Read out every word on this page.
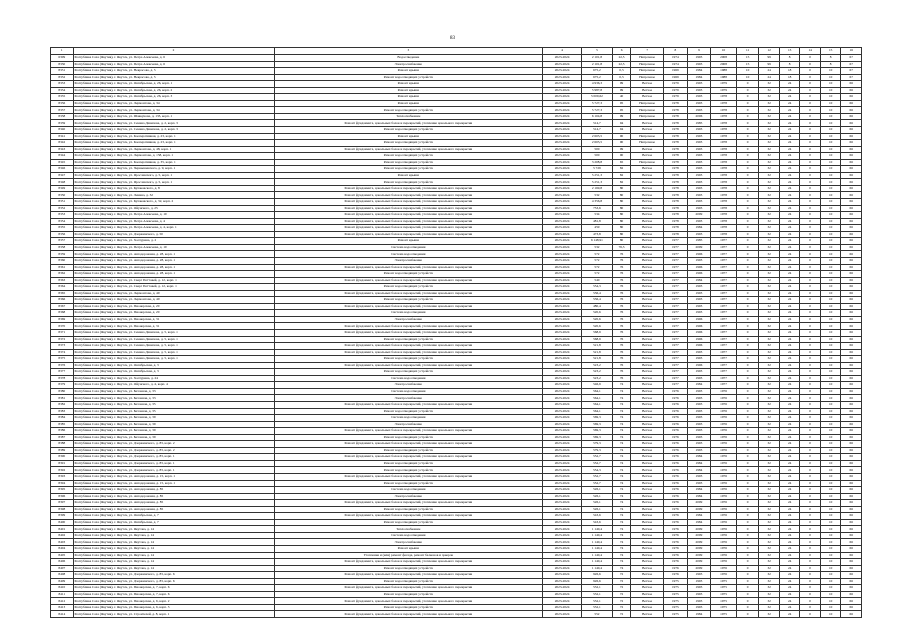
83
1	2	3	4	5	6	7	8	9	10	11	12	13	14	15	16
6309	Республика Саха (Якутия), г. Якутск, ул. Петра Алексеева, д. 6	Водоотведение	2023-2024	2 101,8	22,5	Непрочное	1974	1993	2008	15	99	8	0	8	67
8330	Республика Саха (Якутия), г. Якутск, ул. Петра Алексеева, д. 6	Электроснабжение	2023-2024	2 101,8	22,5	Непрочное	1974	1993	2008	15	99	8	0	8	67
8331	Республика Саха (Якутия), г. Якутск, ул. Некрасова, д. 5	Ремонт крыши	2023-2024	675,2	0,5	Непрочное	1969	1984	1988	10	24	18	0	10	67
8332	Республика Саха (Якутия), г. Якутск, ул. Некрасова, д. 5	Ремонт водоотводящих устройств	2023-2024	675,2	0,5	Непрочное	1969	1984	1988	10	24	18	0	10	67
8333	Республика Саха (Якутия), г. Якутск, ул. Октябрьская, д. 26, корп. 1	Ремонт крыши	2023-2024	4 936,3	99	Ветхое	1979	1993	1979	0	32	24	0	10	66
8334	Республика Саха (Якутия), г. Якутск, ул. Октябрьская, д. 26, корп. 2	Ремонт крыши	2023-2024	5 987,8	99	Ветхое	1979	1993	1979	0	32	24	0	10	66
8335	Республика Саха (Якутия), г. Якутск, ул. Октябрьская, д. 26, корп. 3	Ремонт крыши	2023-2024	5 009,62	40	Ветхое	1979	1993	1978	0	32	24	0	10	66
8336	Республика Саха (Якутия), г. Якутск, ул. Лермонтова, д. 34	Ремонт крыши	2023-2024	5 727,3	95	Непрочное	1978	1993	1978	0	32	24	0	10	66
8337	Республика Саха (Якутия), г. Якутск, ул. Лермонтова, д. 34	Ремонт водоотводящих устройств	2023-2024	5 727,3	95	Непрочное	1978	1993	1978	0	32	24	0	10	66
8338	Республика Саха (Якутия), г. Якутск, ул. Шавкунова, д. 133, корп. 1	Теплоснабжение	2023-2024	6 104,8	99	Непрочное	1978	2006	1978	0	32	24	0	10	66
8339	Республика Саха (Якутия), г. Якутск, ул. Семена Данилова, д. 2, корп. 3	Ремонт фундамента, цокольных балок и перекрытий, утепление цокольного перекрытия	2023-2024	514,7	94	Ветхое	1978	1985	1978	0	32	24	0	10	66
8340	Республика Саха (Якутия), г. Якутск, ул. Семена Данилова, д. 2, корп. 3	Ремонт водоотводящих устройств	2023-2024	514,7	94	Ветхое	1978	1993	1978	0	32	24	0	10	66
8341	Республика Саха (Якутия), г. Якутск, ул. Кооперативная, д. 23, корп. 1	Ремонт крыши	2023-2024	2 603,5	90	Непрочное	1978	1993	1978	0	32	24	0	10	66
8342	Республика Саха (Якутия), г. Якутск, ул. Кооперативная, д. 23, корп. 1	Ремонт водоотводящих устройств	2023-2024	2 603,5	90	Непрочное	1978	1993	1978	0	32	24	0	10	66
8343	Республика Саха (Якутия), г. Якутск, ул. Лермонтова, д. 48, корп. 1	Ремонт фундамента, цокольных балок и перекрытий, утепление цокольного перекрытия	2023-2024	500	99	Ветхое	1978	1993	1978	0	32	24	0	10	66
8344	Республика Саха (Якутия), г. Якутск, ул. Лермонтова, д. 158, корп. 1	Ремонт водоотводящих устройств	2023-2024	500	90	Ветхое	1978	1993	1978	0	32	24	0	10	66
8345	Республика Саха (Якутия), г. Якутск, ул. Кооперативная, д. 35, корп. 1	Ремонт водоотводящих устройств	2023-2024	3 208,8	65	Непрочное	1978	1993	1978	0	32	24	0	10	66
8346	Республика Саха (Якутия), г. Якутск, ул. Чернышевского, д. 9, корп. 1	Ремонт водоотводящих устройств	2023-2024	5 729	82	Ветхое	1978	1993	1978	0	32	24	0	10	66
8347	Республика Саха (Якутия), г. Якутск, ул. Ярославского, д. 5, корп. 1	Ремонт крыши	2023-2024	5 251,3	82	Ветхое	1978	1993	1978	0	32	24	0	10	66
8348	Республика Саха (Якутия), г. Якутск, ул. Ярославского, д. 5, корп. 1	Ремонт водоотводящих устройств	2023-2024	5 251,3	82	Ветхое	1978	1993	1978	0	32	24	0	10	66
8349	Республика Саха (Якутия), г. Якутск, ул. Кулаковского, д. 8	Ремонт фундамента, цокольных балок и перекрытий, утепление цокольного перекрытия	2023-2024	2 169,8	80	Ветхое	1978	1993	1978	0	32	24	0	10	66
8350	Республика Саха (Якутия), г. Якутск, ул. Ленина, д. 32	Ремонт фундамента, цокольных балок и перекрытий, утепление цокольного перекрытия	2023-2024	532	80	Ветхое	1978	1993	1978	0	32	24	0	10	66
8351	Республика Саха (Якутия), г. Якутск, ул. Кулаковского, д. 32, корп. 2	Ремонт фундамента, цокольных балок и перекрытий, утепление цокольного перекрытия	2023-2024	4 356,8	80	Ветхое	1978	1993	1978	0	32	24	0	10	66
8352	Республика Саха (Якутия), г. Якутск, ул. Ойунского, д. 25	Ремонт фундамента, цокольных балок и перекрытий, утепление цокольного перекрытия	2023-2024	753,6	80	Ветхое	1978	1993	1978	0	32	24	0	10	66
8353	Республика Саха (Якутия), г. Якутск, ул. Петра Алексеева, д. 10	Ремонт фундамента, цокольных балок и перекрытий, утепление цокольного перекрытия	2023-2024	534	80	Ветхое	1978	2009	1978	0	32	24	0	10	66
8354	Республика Саха (Якутия), г. Якутск, ул. Петра Алексеева, д. 4	Ремонт фундамента, цокольных балок и перекрытий, утепление цокольного перекрытия	2023-2024	481,8	80	Ветхое	1978	1993	1978	0	32	24	0	10	66
8355	Республика Саха (Якутия), г. Якутск, ул. Петра Алексеева, д. 4, корп. 1	Ремонт фундамента, цокольных балок и перекрытий, утепление цокольного перекрытия	2023-2024	459	80	Ветхое	1978	1984	1978	0	32	24	0	10	66
8356	Республика Саха (Якутия), г. Якутск, ул. Дзержинского, д. 50	Ремонт фундамента, цокольных балок и перекрытий, утепление цокольного перекрытия	2023-2024	473,8	80	Ветхое	1978	1993	1978	0	32	24	0	10	66
8357	Республика Саха (Якутия), г. Якутск, ул. Халтурина, д. 2	Ремонт крыши	2023-2024	6 148,91	80	Ветхое	1977	1985	1977	0	32	24	0	10	66
8358	Республика Саха (Якутия), г. Якутск, ул. Петра Алексеева, д. 10	Система водоотведения	2023-2024	532	76,3	Ветхое	1977	2009	1977	0	32	24	0	10	66
8359	Республика Саха (Якутия), г. Якутск, ул. Автодорожная, д. 28, корп. 1	Система водоотведения	2023-2024	572	76	Ветхое	1977	1996	1977	0	32	24	0	10	66
8360	Республика Саха (Якутия), г. Якутск, ул. Автодорожная, д. 28, корп. 1	Электроснабжение	2023-2024	572	76	Ветхое	1977	1993	1977	0	32	24	0	10	66
8361	Республика Саха (Якутия), г. Якутск, ул. Автодорожная, д. 28, корп. 1	Ремонт фундамента, цокольных балок и перекрытий, утепление цокольного перекрытия	2023-2024	572	76	Ветхое	1977	1996	1977	0	32	24	0	10	66
8362	Республика Саха (Якутия), г. Якутск, ул. Автодорожная, д. 28, корп. 1	Ремонт водоотводящих устройств	2023-2024	572	76	Ветхое	1977	1996	1977	0	32	24	0	10	66
8363	Республика Саха (Якутия), г. Якутск, ул. Сверг Петтовей, д. 12, корп. 1	Ремонт фундамента, цокольных балок и перекрытий, утепление цокольного перекрытия	2023-2024	540	76	Ветхое	1977	1984	1977	0	32	24	0	10	66
8364	Республика Саха (Якутия), г. Якутск, ул. Сверг Петтовей, д. 12, корп. 1	Ремонт водоотводящих устройств	2023-2024	554,3	76	Ветхое	1977	1993	1977	0	32	24	0	10	66
8365	Республика Саха (Якутия), г. Якутск, ул. Лермонтова, д. 40	Ремонт фундамента, цокольных балок и перекрытий, утепление цокольного перекрытия	2023-2024	536,4	76	Ветхое	1977	1993	1977	0	32	24	0	10	66
8366	Республика Саха (Якутия), г. Якутск, ул. Лермонтова, д. 40	Ремонт водоотводящих устройств	2023-2024	536,4	76	Ветхое	1977	1993	1977	0	32	24	0	10	66
8367	Республика Саха (Якутия), г. Якутск, ул. Пионерская, д. 20	Ремонт фундамента, цокольных балок и перекрытий, утепление цокольного перекрытия	2023-2024	480,4	76	Ветхое	1977	1993	1977	0	32	24	0	10	66
8368	Республика Саха (Якутия), г. Якутск, ул. Пионерская, д. 20	Система водоотведения	2023-2024	520,6	76	Ветхое	1977	1993	1977	0	32	24	0	10	66
8369	Республика Саха (Якутия), г. Якутск, ул. Пионерская, д. 31	Электроснабжение	2023-2024	520,6	76	Ветхое	1977	1996	1977	0	32	24	0	10	66
8370	Республика Саха (Якутия), г. Якутск, ул. Пионерская, д. 31	Ремонт фундамента, цокольных балок и перекрытий, утепление цокольного перекрытия	2023-2024	520,6	76	Ветхое	1977	1996	1977	0	32	24	0	10	66
8371	Республика Саха (Якутия), г. Якутск, ул. Семена Данилова, д. 5, корп. 1	Ремонт фундамента, цокольных балок и перекрытий, утепление цокольного перекрытия	2023-2024	568,9	76	Ветхое	1977	1996	1977	0	32	24	0	10	66
8372	Республика Саха (Якутия), г. Якутск, ул. Семена Данилова, д. 5, корп. 1	Ремонт водоотводящих устройств	2023-2024	568,9	76	Ветхое	1977	1996	1977	0	32	24	0	10	66
8373	Республика Саха (Якутия), г. Якутск, ул. Семена Данилова, д. 5, корп. 1	Ремонт фундамента, цокольных балок и перекрытий, утепление цокольного перекрытия	2023-2024	521,8	76	Ветхое	1977	1996	1977	0	32	24	0	10	66
8374	Республика Саха (Якутия), г. Якутск, ул. Семена Данилова, д. 5, корп. 1	Ремонт фундамента, цокольных балок и перекрытий, утепление цокольного перекрытия	2023-2024	521,8	76	Ветхое	1977	1993	1977	0	32	24	0	10	66
8375	Республика Саха (Якутия), г. Якутск, ул. Семена Данилова, д. 5, корп. 1	Ремонт водоотводящих устройств	2023-2024	521,8	76	Ветхое	1977	1993	1977	0	32	24	0	10	66
8376	Республика Саха (Якутия), г. Якутск, ул. Октябрьская, д. 3	Ремонт фундамента, цокольных балок и перекрытий, утепление цокольного перекрытия	2023-2024	523,2	76	Ветхое	1977	1996	1977	0	32	24	0	10	66
8377	Республика Саха (Якутия), г. Якутск, ул. Октябрьская, д. 3	Ремонт водоотводящих устройств	2023-2024	523,2	76	Ветхое	1977	1993	1977	0	32	24	0	10	66
8378	Республика Саха (Якутия), г. Якутск, ул. Халтурина, д. 24	Система водоотведения	2023-2024	523,2	76	Ветхое	1977	1993	1977	0	32	24	0	10	66
8379	Республика Саха (Якутия), г. Якутск, ул. Ойунского, д. 4, корп. 4	Электроснабжение	2023-2024	546,9	74	Ветхое	1977	1984	1977	0	32	24	0	10	66
8380	Республика Саха (Якутия), г. Якутск, ул. Бетонная, д. 33	Система водоотведения	2023-2024	564,1	74	Ветхое	1976	1993	1976	0	32	24	0	10	66
8381	Республика Саха (Якутия), г. Якутск, ул. Бетонная, д. 33	Электроснабжение	2023-2024	564,1	74	Ветхое	1976	1993	1976	0	32	24	0	10	66
8382	Республика Саха (Якутия), г. Якутск, ул. Бетонная, д. 35	Ремонт фундамента, цокольных балок и перекрытий, утепление цокольного перекрытия	2023-2024	564,1	74	Ветхое	1976	1993	1976	0	32	24	0	10	66
8383	Республика Саха (Якутия), г. Якутск, ул. Бетонная, д. 35	Ремонт водоотводящих устройств	2023-2024	564,1	74	Ветхое	1976	1993	1976	0	32	24	0	10	66
8384	Республика Саха (Якутия), г. Якутск, ул. Бетонная, д. 39	Система водоотведения	2023-2024	569,3	74	Ветхое	1976	1993	1976	0	32	24	0	10	66
8385	Республика Саха (Якутия), г. Якутск, ул. Бетонная, д. 39	Электроснабжение	2023-2024	569,3	74	Ветхое	1976	1993	1976	0	32	24	0	10	66
8386	Республика Саха (Якутия), г. Якутск, ул. Бетонная, д. 39	Ремонт фундамента, цокольных балок и перекрытий, утепление цокольного перекрытия	2023-2024	569,3	74	Ветхое	1976	1993	1976	0	32	24	0	10	66
8387	Республика Саха (Якутия), г. Якутск, ул. Бетонная, д. 39	Ремонт водоотводящих устройств	2023-2024	569,3	74	Ветхое	1976	1993	1976	0	32	24	0	10	66
8388	Республика Саха (Якутия), г. Якутск, ул. Дзержинского, д. 83, корп. 2	Ремонт фундамента, цокольных балок и перекрытий, утепление цокольного перекрытия	2023-2024	579,3	74	Ветхое	1976	1993	1976	0	32	24	0	10	66
8389	Республика Саха (Якутия), г. Якутск, ул. Дзержинского, д. 83, корп. 2	Ремонт водоотводящих устройств	2023-2024	579,3	74	Ветхое	1976	1993	1976	0	32	24	0	10	66
8390	Республика Саха (Якутия), г. Якутск, ул. Дзержинского, д. 83, корп. 1	Ремонт фундамента, цокольных балок и перекрытий, утепление цокольного перекрытия	2023-2024	552,7	74	Ветхое	1976	1984	1976	0	32	24	0	10	66
8391	Республика Саха (Якутия), г. Якутск, ул. Дзержинского, д. 83, корп. 1	Ремонт водоотводящих устройств	2023-2024	552,7	74	Ветхое	1976	1984	1976	0	32	24	0	10	66
8392	Республика Саха (Якутия), г. Якутск, ул. Дзержинского, д. 83, корп. 1	Ремонт водоотводящих устройств	2023-2024	554,3	74	Ветхое	1976	1984	1976	0	32	24	0	10	66
8393	Республика Саха (Якутия), г. Якутск, ул. Автодорожная, д. 15, корп. 1	Ремонт фундамента, цокольных балок и перекрытий, утепление цокольного перекрытия	2023-2024	552,7	74	Ветхое	1976	1993	1976	0	32	24	0	10	66
8394	Республика Саха (Якутия), г. Якутск, ул. Автодорожная, д. 15, корп. 1	Ремонт водоотводящих устройств	2023-2024	552,7	74	Ветхое	1976	1993	1976	0	32	24	0	10	66
8395	Республика Саха (Якутия), г. Якутск, ул. Автодорожная, д. 85	Система водоотведения	2023-2024	526,1	74	Ветхое	1976	1984	1976	0	32	24	0	10	66
8396	Республика Саха (Якутия), г. Якутск, ул. Автодорожная, д. 85	Электроснабжение	2023-2024	526,1	74	Ветхое	1976	1984	1976	0	32	24	0	10	66
8397	Республика Саха (Якутия), г. Якутск, ул. Автодорожная, д. 85	Ремонт фундамента, цокольных балок и перекрытий, утепление цокольного перекрытия	2023-2024	526,1	74	Ветхое	1976	2009	1976	0	32	24	0	10	66
8398	Республика Саха (Якутия), г. Якутск, ул. Автодорожная, д. 85	Ремонт водоотводящих устройств	2023-2024	526,1	74	Ветхое	1976	2009	1976	0	32	24	0	10	66
8399	Республика Саха (Якутия), г. Якутск, ул. Октябрьская, д. 7	Ремонт фундамента, цокольных балок и перекрытий, утепление цокольного перекрытия	2023-2024	543,6	74	Ветхое	1976	1984	1976	0	32	24	0	10	66
8400	Республика Саха (Якутия), г. Якутск, ул. Октябрьская, д. 7	Ремонт водоотводящих устройств	2023-2024	543,6	74	Ветхое	1976	1984	1976	0	32	24	0	10	66
8401	Республика Саха (Якутия), г. Якутск, ул. Якутова, д. 14	Теплоснабжение	2023-2024	1 140,4	74	Ветхое	1976	2009	1976	0	32	24	0	10	66
8402	Республика Саха (Якутия), г. Якутск, ул. Якутова, д. 14	Система водоотведения	2023-2024	1 140,4	74	Ветхое	1976	2009	1976	0	32	24	0	10	66
8403	Республика Саха (Якутия), г. Якутск, ул. Якутова, д. 14	Электроснабжение	2023-2024	1 140,4	74	Ветхое	1976	2009	1976	0	32	24	0	10	66
8404	Республика Саха (Якутия), г. Якутск, ул. Якутова, д. 14	Ремонт крыши	2023-2024	1 140,4	74	Ветхое	1976	2009	1976	0	32	24	0	10	66
8405	Республика Саха (Якутия), г. Якутск, ул. Якутова, д. 14	Утепление и (или) ремонт фасада, ремонт балконов и эркеров	2023-2024	1 140,4	74	Ветхое	1976	2009	1976	0	32	24	0	10	66
8406	Республика Саха (Якутия), г. Якутск, ул. Якутова, д. 14	Ремонт фундамента, цокольных балок и перекрытий, утепление цокольного перекрытия	2023-2024	1 140,4	74	Ветхое	1976	2009	1976	0	32	24	0	10	66
8407	Республика Саха (Якутия), г. Якутск, ул. Якутова, д. 14	Ремонт водоотводящих устройств	2023-2024	1 140,4	74	Ветхое	1976	2009	1976	0	32	24	0	10	66
8408	Республика Саха (Якутия), г. Якутск, ул. Дзержинского, д. 83, корп. 6	Ремонт фундамента, цокольных балок и перекрытий, утепление цокольного перекрытия	2023-2024	926,6	72	Ветхое	1976	1993	1976	0	32	24	0	10	66
8409	Республика Саха (Якутия), г. Якутск, ул. Дзержинского, д. 83, корп. 6	Ремонт водоотводящих устройств	2023-2024	926,6	72	Ветхое	1975	1993	1975	0	32	24	0	10	66
8410	Республика Саха (Якутия), г. Якутск, ул. Пионерская, д. 7, корп. 6	Ремонт фундамента, цокольных балок и перекрытий, утепление цокольного перекрытия	2023-2024	532,1	72	Ветхое	1975	1993	1975	0	32	24	0	10	66
8411	Республика Саха (Якутия), г. Якутск, ул. Пионерская, д. 7, корп. 6	Ремонт водоотводящих устройств	2023-2024	532,1	72	Ветхое	1975	1993	1975	0	32	24	0	10	66
8412	Республика Саха (Якутия), г. Якутск, ул. Пионерская, д. 6, корп. 2	Ремонт фундамента, цокольных балок и перекрытий, утепление цокольного перекрытия	2023-2024	532,1	72	Ветхое	1975	1993	1975	0	32	24	0	10	66
8413	Республика Саха (Якутия), г. Якутск, ул. Пионерская, д. 6, корп. 3	Ремонт водоотводящих устройств	2023-2024	532,1	72	Ветхое	1975	1993	1975	0	32	24	0	10	66
8414	Республика Саха (Якутия), г. Якутск, ул. Строителей, д. 8, корп. 1	Ремонт фундамента, цокольных балок и перекрытий, утепление цокольного перекрытия	2023-2024	552	72	Ветхое	1975	1984	1975	0	32	24	0	10	66
